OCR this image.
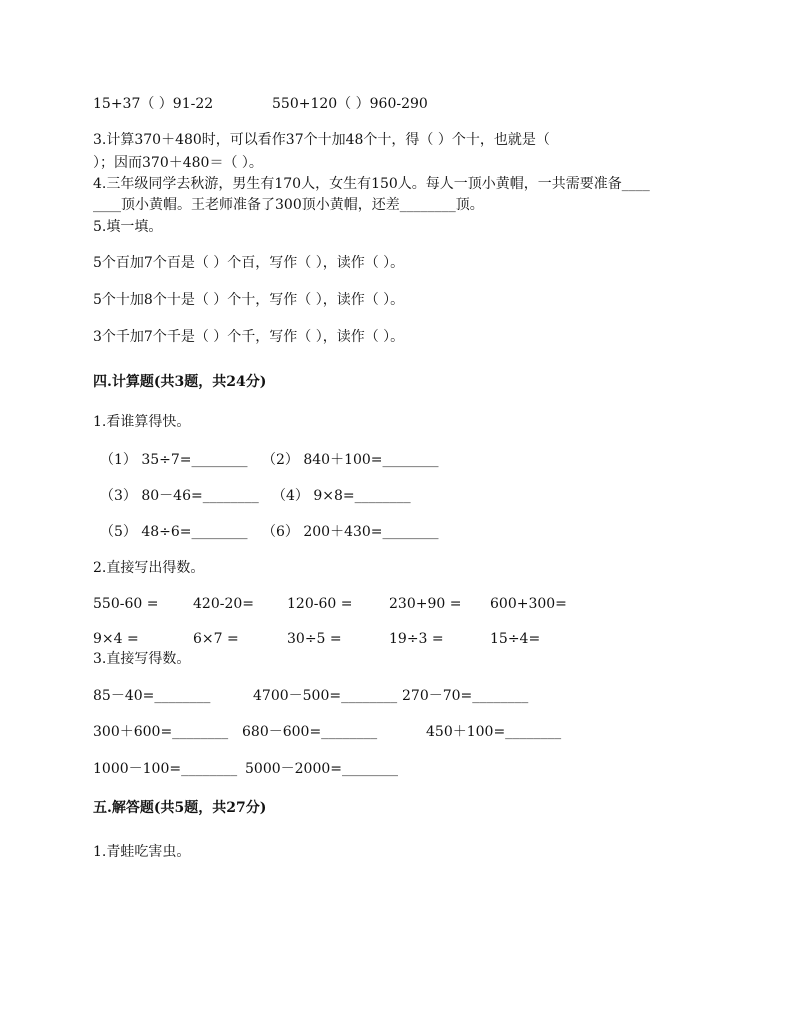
15+37（ ）91-22	550+120（ ）960-290
3.计算370＋480时，可以看作37个十加48个十，得（ ）个十，也就是（
）；因而370＋480＝（ ）。
4.三年级同学去秋游，男生有170人，女生有150人。每人一顶小黄帽，一共需要准备____
____顶小黄帽。王老师准备了300顶小黄帽，还差________顶。
5.填一填。
5个百加7个百是（ ）个百，写作（ ），读作（ ）。
5个十加8个十是（ ）个十，写作（ ），读作（ ）。
3个千加7个千是（ ）个千，写作（ ），读作（ ）。
四.计算题(共3题，共24分)
1.看谁算得快。
（1） 35÷7=________ （2） 840＋100=________
（3） 80－46=________ （4） 9×8=________
（5） 48÷6=________ （6） 200＋430=________
2.直接写出得数。
550-60 = 420-20= 120-60 =	230+90 = 600+300=
9×4 =	6×7 =	30÷5 =	19÷3 =	15÷4=
3.直接写得数。
85－40=________	4700－500=________ 270－70=________
300＋600=________ 680－600=________	450＋100=________
1000－100=________ 5000－2000=________
五.解答题(共5题，共27分)
1.青蛙吃害虫。
